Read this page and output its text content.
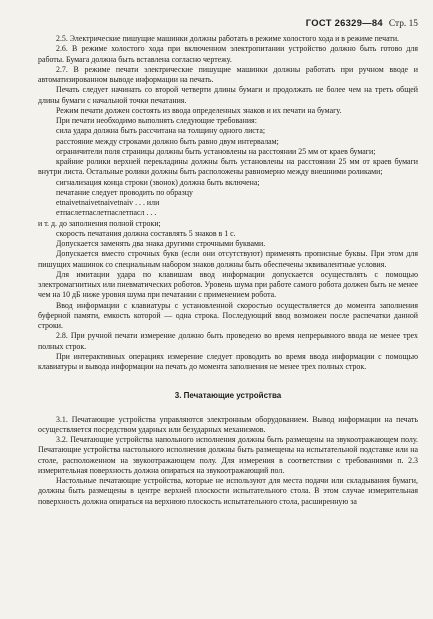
ГОСТ 26329—84 Стр. 15

2.5. Электрические пишущие машинки должны работать в режиме холостого хода и в режиме печати.

2.6. В режиме холостого хода при включенном электропитании устройство должно быть готово для работы. Бумага должна быть вставлена согласно чертежу.

2.7. В режиме печати электрические пишущие машинки должны работать при ручном вводе и автоматизированном выводе информации на печать.

Печать следует начинать со второй четверти длины бумаги и продолжать не более чем на треть общей длины бумаги с начальной точки печатания.

Режим печати должен состоять из ввода определенных знаков и их печати на бумагу.

При печати необходимо выполнять следующие требования:

сила удара должна быть рассчитана на толщину одного листа;

расстояние между строками должно быть равно двум интервалам;

ограничители поля страницы должны быть установлены на расстоянии 25 мм от краев бумаги;

крайние ролики верхней перекладины должны быть установлены на расстоянии 25 мм от краев бумаги внутри листа. Остальные ролики должны быть расположены равномерно между внешними роликами;

сигнализация конца строки (звонок) должна быть включена;

печатание следует проводить по образцу

etnaivetnaivetnaivetnaiv . . . или

етпаслетпаслетпаслетпасл . . .

и т. д. до заполнения полной строки;

скорость печатания должна составлять 5 знаков в 1 с.

Допускается заменять два знака другими строчными буквами.

Допускается вместо строчных букв (если они отсутствуют) применять прописные буквы. При этом для пишущих машинок со специальным набором знаков должны быть обеспечены эквивалентные условия.

Для имитации удара по клавишам ввод информации допускается осуществлять с помощью электромагнитных или пневматических роботов. Уровень шума при работе самого робота должен быть не менее чем на 10 дБ ниже уровня шума при печатании с применением робота.

Ввод информации с клавиатуры с установленной скоростью осуществляется до момента заполнения буферной памяти, емкость которой — одна строка. Последующий ввод возможен после распечатки данной строки.

2.8. При ручной печати измерение должно быть проведено во время непрерывного ввода не менее трех полных строк.

При интерактивных операциях измерение следует проводить во время ввода информации с помощью клавиатуры и вывода информации на печать до момента заполнения не менее трех полных строк.

3. Печатающие устройства

3.1. Печатающие устройства управляются электронным оборудованием. Вывод информации на печать осуществляется посредством ударных или безударных механизмов.

3.2. Печатающие устройства напольного исполнения должны быть размещены на звукоотражающем полу. Печатающие устройства настольного исполнения должны быть размещены на испытательной подставке или на столе, расположенном на звукоотражающем полу. Для измерения в соответствии с требованиями п. 2.3 измерительная поверхность должна опираться на звукоотражающий пол.

Настольные печатающие устройства, которые не используют для места подачи или складывания бумаги, должны быть размещены в центре верхней плоскости испытательного стола. В этом случае измерительная поверхность должна опираться на верхнюю плоскость испытательного стола, расширенную за
